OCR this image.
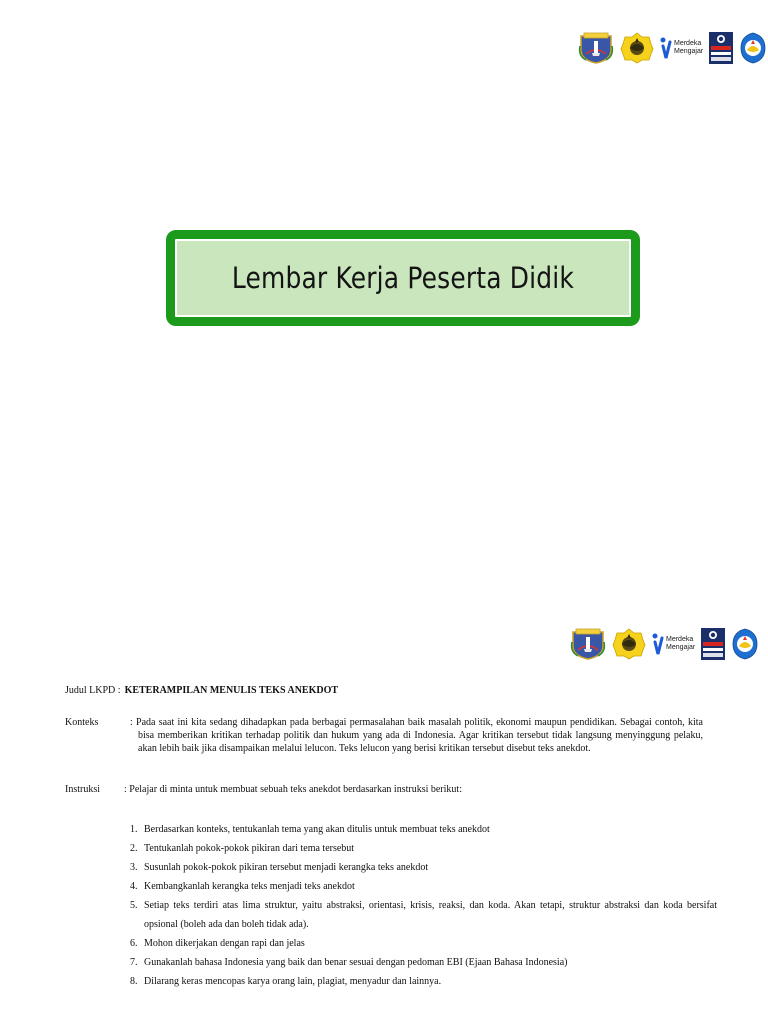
Merdeka
Mengajar
Lembar Kerja Peserta Didik
Merdeka
Mengajar
Judul LKPD : KETERAMPILAN MENULIS TEKS ANEKDOT
Konteks	: Pada saat ini kita sedang dihadapkan pada berbagai permasalahan baik masalah politik, ekonomi maupun pendidikan. Sebagai contoh, kita bisa memberikan kritikan terhadap politik dan hukum yang ada di Indonesia. Agar kritikan tersebut tidak langsung menyinggung pelaku, akan lebih baik jika disampaikan melalui lelucon. Teks lelucon yang berisi kritikan tersebut disebut teks anekdot.
Instruksi : Pelajar di minta untuk membuat sebuah teks anekdot berdasarkan instruksi berikut:
1. Berdasarkan konteks, tentukanlah tema yang akan ditulis untuk membuat teks anekdot
2. Tentukanlah pokok-pokok pikiran dari tema tersebut
3. Susunlah pokok-pokok pikiran tersebut menjadi kerangka teks anekdot
4. Kembangkanlah kerangka teks menjadi teks anekdot
5. Setiap teks terdiri atas lima struktur, yaitu abstraksi, orientasi, krisis, reaksi, dan koda. Akan tetapi, struktur abstraksi dan koda bersifat opsional (boleh ada dan boleh tidak ada).
6. Mohon dikerjakan dengan rapi dan jelas
7. Gunakanlah bahasa Indonesia yang baik dan benar sesuai dengan pedoman EBI (Ejaan Bahasa Indonesia)
8. Dilarang keras mencopas karya orang lain, plagiat, menyadur dan lainnya.
